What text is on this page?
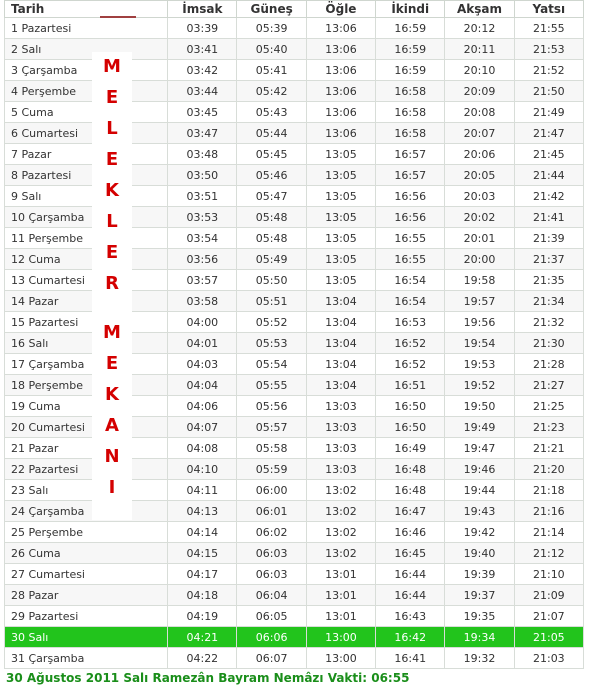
Tarih	İmsak	Güneş	Öğle	İkindi	Akşam	Yatsı
1 Pazartesi	03:39	05:39	13:06	16:59	20:12	21:55
2 Salı	03:41	05:40	13:06	16:59	20:11	21:53
3 Çarşamba	03:42	05:41	13:06	16:59	20:10	21:52
4 Perşembe	03:44	05:42	13:06	16:58	20:09	21:50
5 Cuma	03:45	05:43	13:06	16:58	20:08	21:49
6 Cumartesi	03:47	05:44	13:06	16:58	20:07	21:47
7 Pazar	03:48	05:45	13:05	16:57	20:06	21:45
8 Pazartesi	03:50	05:46	13:05	16:57	20:05	21:44
9 Salı	03:51	05:47	13:05	16:56	20:03	21:42
10 Çarşamba	03:53	05:48	13:05	16:56	20:02	21:41
11 Perşembe	03:54	05:48	13:05	16:55	20:01	21:39
12 Cuma	03:56	05:49	13:05	16:55	20:00	21:37
13 Cumartesi	03:57	05:50	13:05	16:54	19:58	21:35
14 Pazar	03:58	05:51	13:04	16:54	19:57	21:34
15 Pazartesi	04:00	05:52	13:04	16:53	19:56	21:32
16 Salı	04:01	05:53	13:04	16:52	19:54	21:30
17 Çarşamba	04:03	05:54	13:04	16:52	19:53	21:28
18 Perşembe	04:04	05:55	13:04	16:51	19:52	21:27
19 Cuma	04:06	05:56	13:03	16:50	19:50	21:25
20 Cumartesi	04:07	05:57	13:03	16:50	19:49	21:23
21 Pazar	04:08	05:58	13:03	16:49	19:47	21:21
22 Pazartesi	04:10	05:59	13:03	16:48	19:46	21:20
23 Salı	04:11	06:00	13:02	16:48	19:44	21:18
24 Çarşamba	04:13	06:01	13:02	16:47	19:43	21:16
25 Perşembe	04:14	06:02	13:02	16:46	19:42	21:14
26 Cuma	04:15	06:03	13:02	16:45	19:40	21:12
27 Cumartesi	04:17	06:03	13:01	16:44	19:39	21:10
28 Pazar	04:18	06:04	13:01	16:44	19:37	21:09
29 Pazartesi	04:19	06:05	13:01	16:43	19:35	21:07
30 Salı	04:21	06:06	13:00	16:42	19:34	21:05
31 Çarşamba	04:22	06:07	13:00	16:41	19:32	21:03
M
E
L
E
K
L
E
R
M
E
K
A
N
I
30 Ağustos 2011 Salı Ramezân Bayram Nemâzı Vakti: 06:55
